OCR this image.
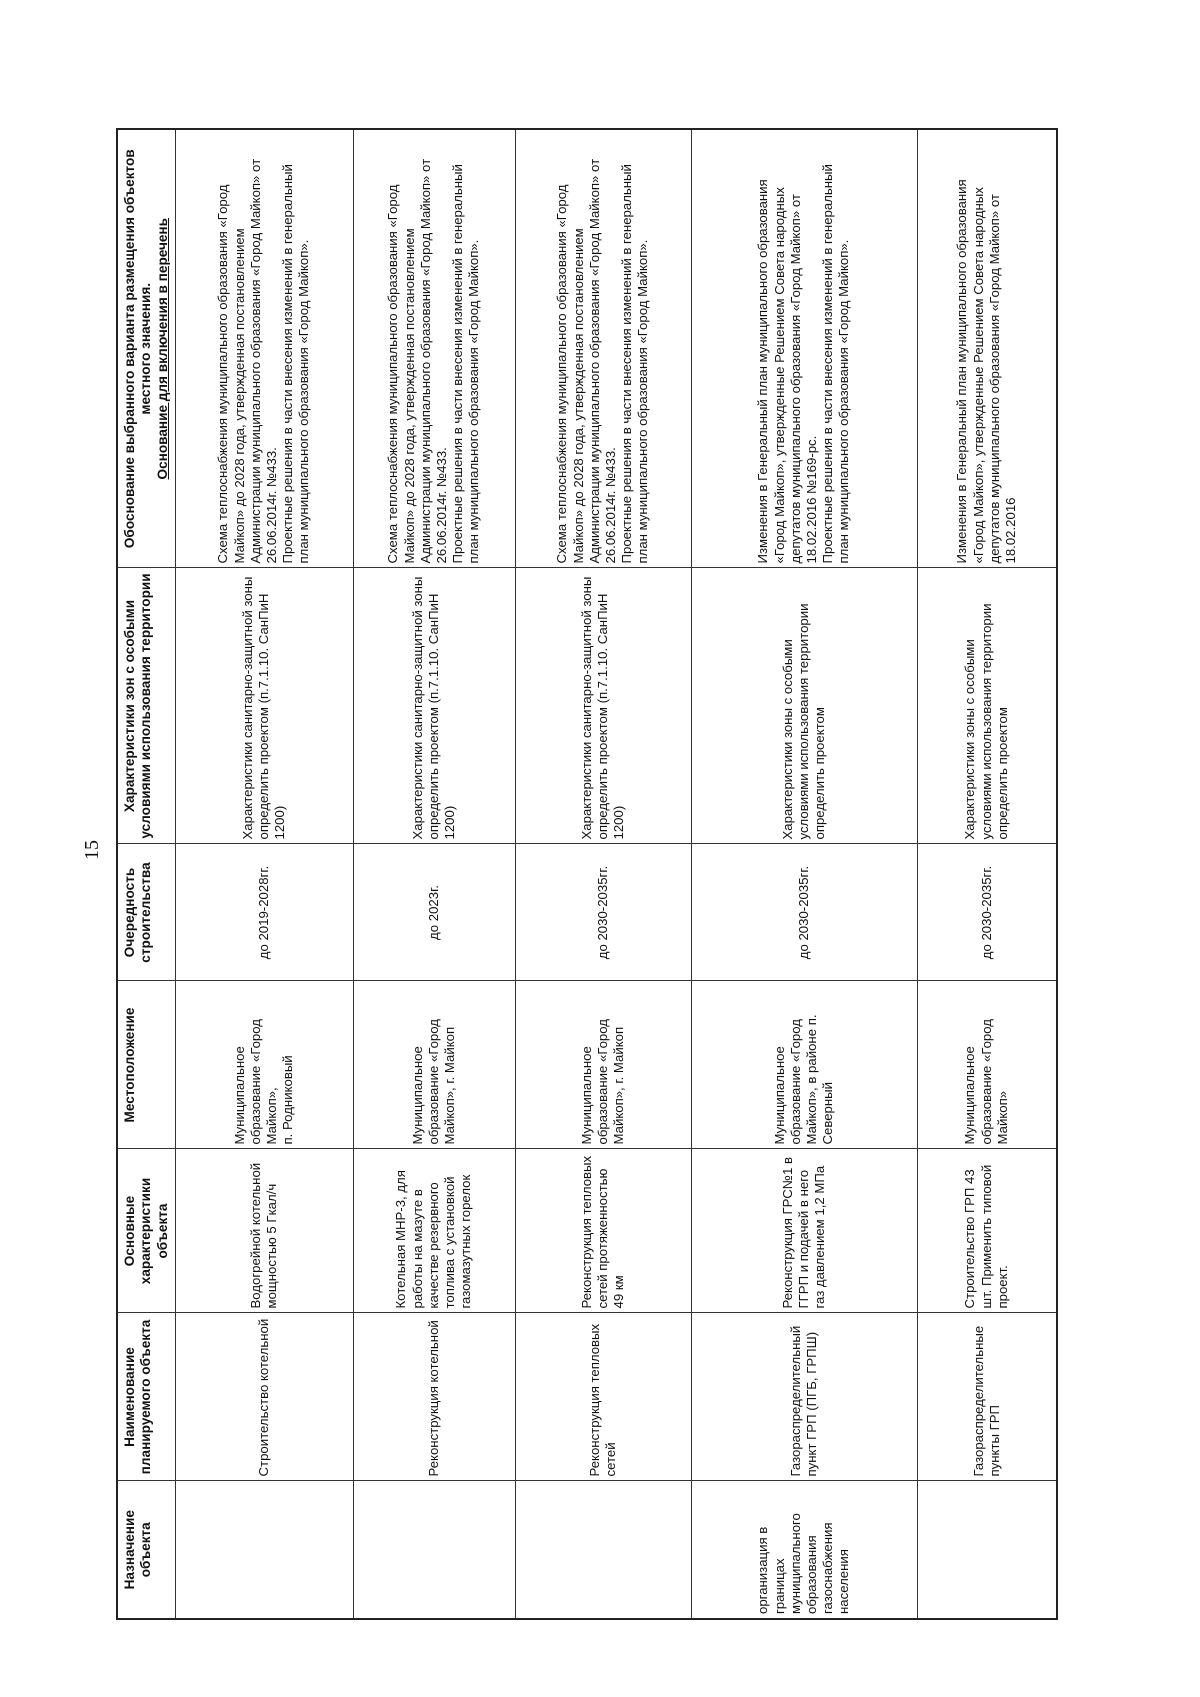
15
Назначение объекта	Наименование планируемого объекта	Основные характеристики объекта	Местоположение	Очередность строительства	Характеристики зон с особыми условиями использования территории	Обоснование выбранного варианта размещения объектов местного значения. Основание для включения в перечень

	Строительство котельной	Водогрейной котельной мощностью 5 Гкал/ч	Муниципальное образование «Город Майкоп»,
п. Родниковый	до 2019-2028гг.	Характеристики санитарно-защитной зоны определить проектом (п.7.1.10. СанПиН 1200)	Схема теплоснабжения муниципального образования «Город Майкоп» до 2028 года, утвержденная постановлением Администрации муниципального образования «Город Майкоп» от 26.06.2014г. №433.
Проектные решения в части внесения изменений в генеральный план муниципального образования «Город Майкоп».
	Реконструкция котельной	Котельная МНР-3, для работы на мазуте в качестве резервного топлива с установкой газомазутных горелок	Муниципальное образование «Город Майкоп», г. Майкоп	до 2023г.	Характеристики санитарно-защитной зоны определить проектом (п.7.1.10. СанПиН 1200)	Схема теплоснабжения муниципального образования «Город Майкоп» до 2028 года, утвержденная постановлением Администрации муниципального образования «Город Майкоп» от 26.06.2014г. №433.
Проектные решения в части внесения изменений в генеральный план муниципального образования «Город Майкоп».
	Реконструкция тепловых сетей	Реконструкция тепловых сетей протяженностью 49 км	Муниципальное образование «Город Майкоп», г. Майкоп	до 2030-2035гг.	Характеристики санитарно-защитной зоны определить проектом (п.7.1.10. СанПиН 1200)	Схема теплоснабжения муниципального образования «Город Майкоп» до 2028 года, утвержденная постановлением Администрации муниципального образования «Город Майкоп» от 26.06.2014г. №433.
Проектные решения в части внесения изменений в генеральный план муниципального образования «Город Майкоп».
организация в границах муниципального образования газоснабжения населения	Газораспределительный пункт ГРП (ПГБ, ГРПШ)	Реконструкция ГРС№1 в ГГРП и подачей в него газ давлением 1,2 МПа	Муниципальное образование «Город Майкоп», в районе п. Северный	до 2030-2035гг.	Характеристики зоны с особыми условиями использования территории определить проектом	Изменения в Генеральный план муниципального образования «Город Майкоп», утвержденные Решением Совета народных депутатов муниципального образования «Город Майкоп» от 18.02.2016 №169-рс.
Проектные решения в части внесения изменений в генеральный план муниципального образования «Город Майкоп».
	Газораспределительные пункты ГРП	Строительство ГРП 43 шт. Применить типовой проект.	Муниципальное образование «Город Майкоп»	до 2030-2035гг.	Характеристики зоны с особыми условиями использования территории определить проектом	Изменения в Генеральный план муниципального образования «Город Майкоп», утвержденные Решением Совета народных депутатов муниципального образования «Город Майкоп» от 18.02.2016
